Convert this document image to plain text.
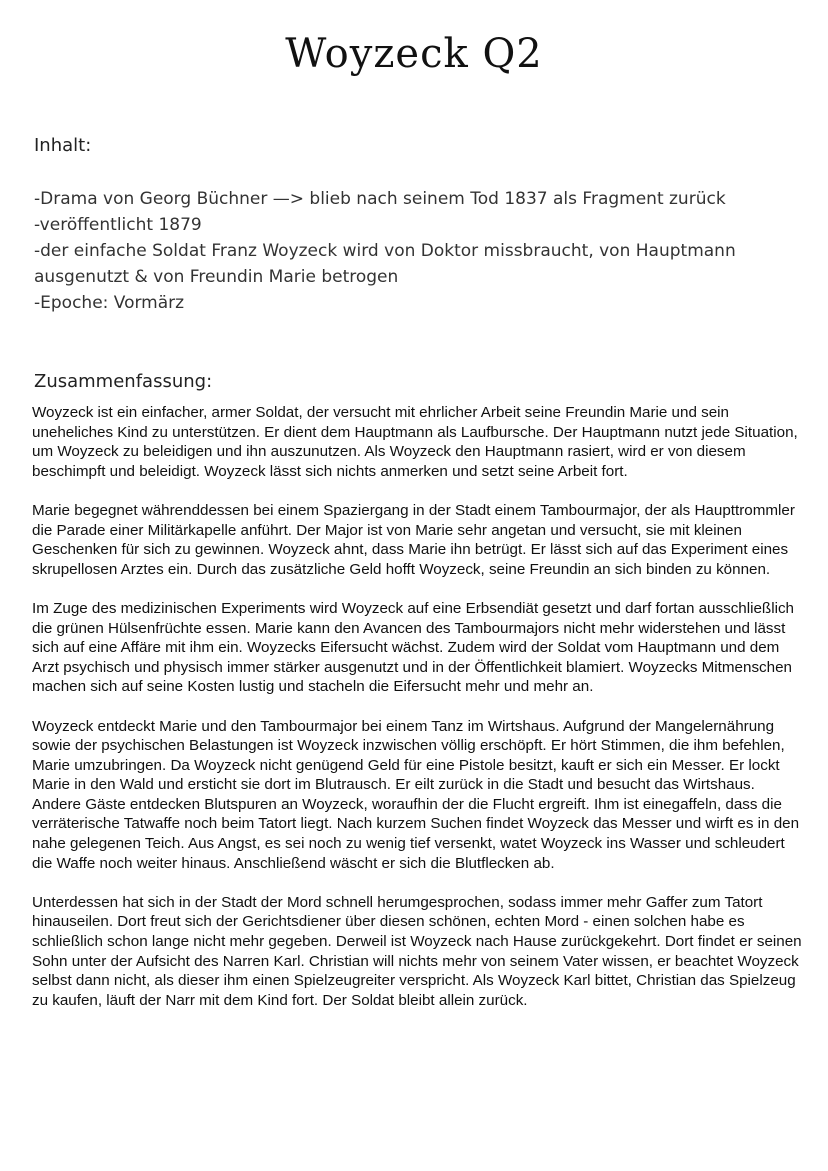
Woyzeck Q2
Inhalt:
-Drama von Georg Büchner —> blieb nach seinem Tod 1837 als Fragment zurück
-veröffentlicht 1879
-der einfache Soldat Franz Woyzeck wird von Doktor missbraucht, von Hauptmann ausgenutzt & von Freundin Marie betrogen
-Epoche: Vormärz
Zusammenfassung:

Woyzeck ist ein einfacher, armer Soldat, der versucht mit ehrlicher Arbeit seine Freundin Marie und sein uneheliches Kind zu unterstützen. Er dient dem Hauptmann als Laufbursche. Der Hauptmann nutzt jede Situation, um Woyzeck zu beleidigen und ihn auszunutzen. Als Woyzeck den Hauptmann rasiert, wird er von diesem beschimpft und beleidigt. Woyzeck lässt sich nichts anmerken und setzt seine Arbeit fort.

Marie begegnet währenddessen bei einem Spaziergang in der Stadt einem Tambourmajor, der als Haupttrommler die Parade einer Militärkapelle anführt. Der Major ist von Marie sehr angetan und versucht, sie mit kleinen Geschenken für sich zu gewinnen. Woyzeck ahnt, dass Marie ihn betrügt. Er lässt sich auf das Experiment eines skrupellosen Arztes ein. Durch das zusätzliche Geld hofft Woyzeck, seine Freundin an sich binden zu können.

Im Zuge des medizinischen Experiments wird Woyzeck auf eine Erbsendiät gesetzt und darf fortan ausschließlich die grünen Hülsenfrüchte essen. Marie kann den Avancen des Tambourmajors nicht mehr widerstehen und lässt sich auf eine Affäre mit ihm ein. Woyzecks Eifersucht wächst. Zudem wird der Soldat vom Hauptmann und dem Arzt psychisch und physisch immer stärker ausgenutzt und in der Öffentlichkeit blamiert. Woyzecks Mitmenschen machen sich auf seine Kosten lustig und stacheln die Eifersucht mehr und mehr an.

Woyzeck entdeckt Marie und den Tambourmajor bei einem Tanz im Wirtshaus. Aufgrund der Mangelernährung sowie der psychischen Belastungen ist Woyzeck inzwischen völlig erschöpft. Er hört Stimmen, die ihm befehlen, Marie umzubringen. Da Woyzeck nicht genügend Geld für eine Pistole besitzt, kauft er sich ein Messer. Er lockt Marie in den Wald und ersticht sie dort im Blutrausch. Er eilt zurück in die Stadt und besucht das Wirtshaus. Andere Gäste entdecken Blutspuren an Woyzeck, woraufhin der die Flucht ergreift. Ihm ist einegaffeln, dass die verräterische Tatwaffe noch beim Tatort liegt. Nach kurzem Suchen findet Woyzeck das Messer und wirft es in den nahe gelegenen Teich. Aus Angst, es sei noch zu wenig tief versenkt, watet Woyzeck ins Wasser und schleudert die Waffe noch weiter hinaus. Anschließend wäscht er sich die Blutflecken ab.

Unterdessen hat sich in der Stadt der Mord schnell herumgesprochen, sodass immer mehr Gaffer zum Tatort hinauseilen. Dort freut sich der Gerichtsdiener über diesen schönen, echten Mord - einen solchen habe es schließlich schon lange nicht mehr gegeben. Derweil ist Woyzeck nach Hause zurückgekehrt. Dort findet er seinen Sohn unter der Aufsicht des Narren Karl. Christian will nichts mehr von seinem Vater wissen, er beachtet Woyzeck selbst dann nicht, als dieser ihm einen Spielzeugreiter verspricht. Als Woyzeck Karl bittet, Christian das Spielzeug zu kaufen, läuft der Narr mit dem Kind fort. Der Soldat bleibt allein zurück.
